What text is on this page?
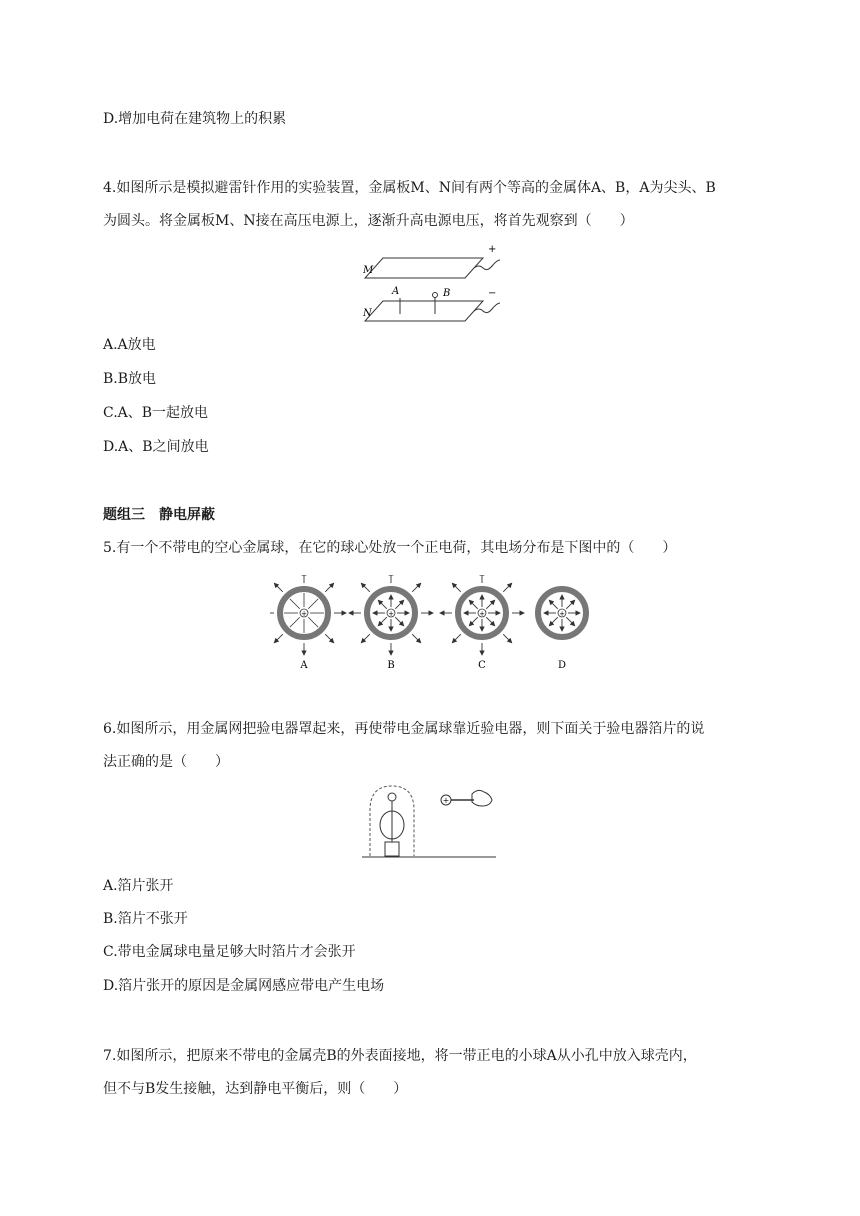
D.增加电荷在建筑物上的积累
4.如图所示是模拟避雷针作用的实验装置，金属板M、N间有两个等高的金属体A、B，A为尖头、B
为圆头。将金属板M、N接在高压电源上，逐渐升高电源电压，将首先观察到（　　）
+
M
−
N
A	B
A.A放电
B.B放电
C.A、B一起放电
D.A、B之间放电
题组三　静电屏蔽
5.有一个不带电的空心金属球，在它的球心处放一个正电荷，其电场分布是下图中的（　　）
+	+	+	+
A	B	C	D
6.如图所示，用金属网把验电器罩起来，再使带电金属球靠近验电器，则下面关于验电器箔片的说
法正确的是（　　）
+
A.箔片张开
B.箔片不张开
C.带电金属球电量足够大时箔片才会张开
D.箔片张开的原因是金属网感应带电产生电场
7.如图所示，把原来不带电的金属壳B的外表面接地，将一带正电的小球A从小孔中放入球壳内，
但不与B发生接触，达到静电平衡后，则（　　）
